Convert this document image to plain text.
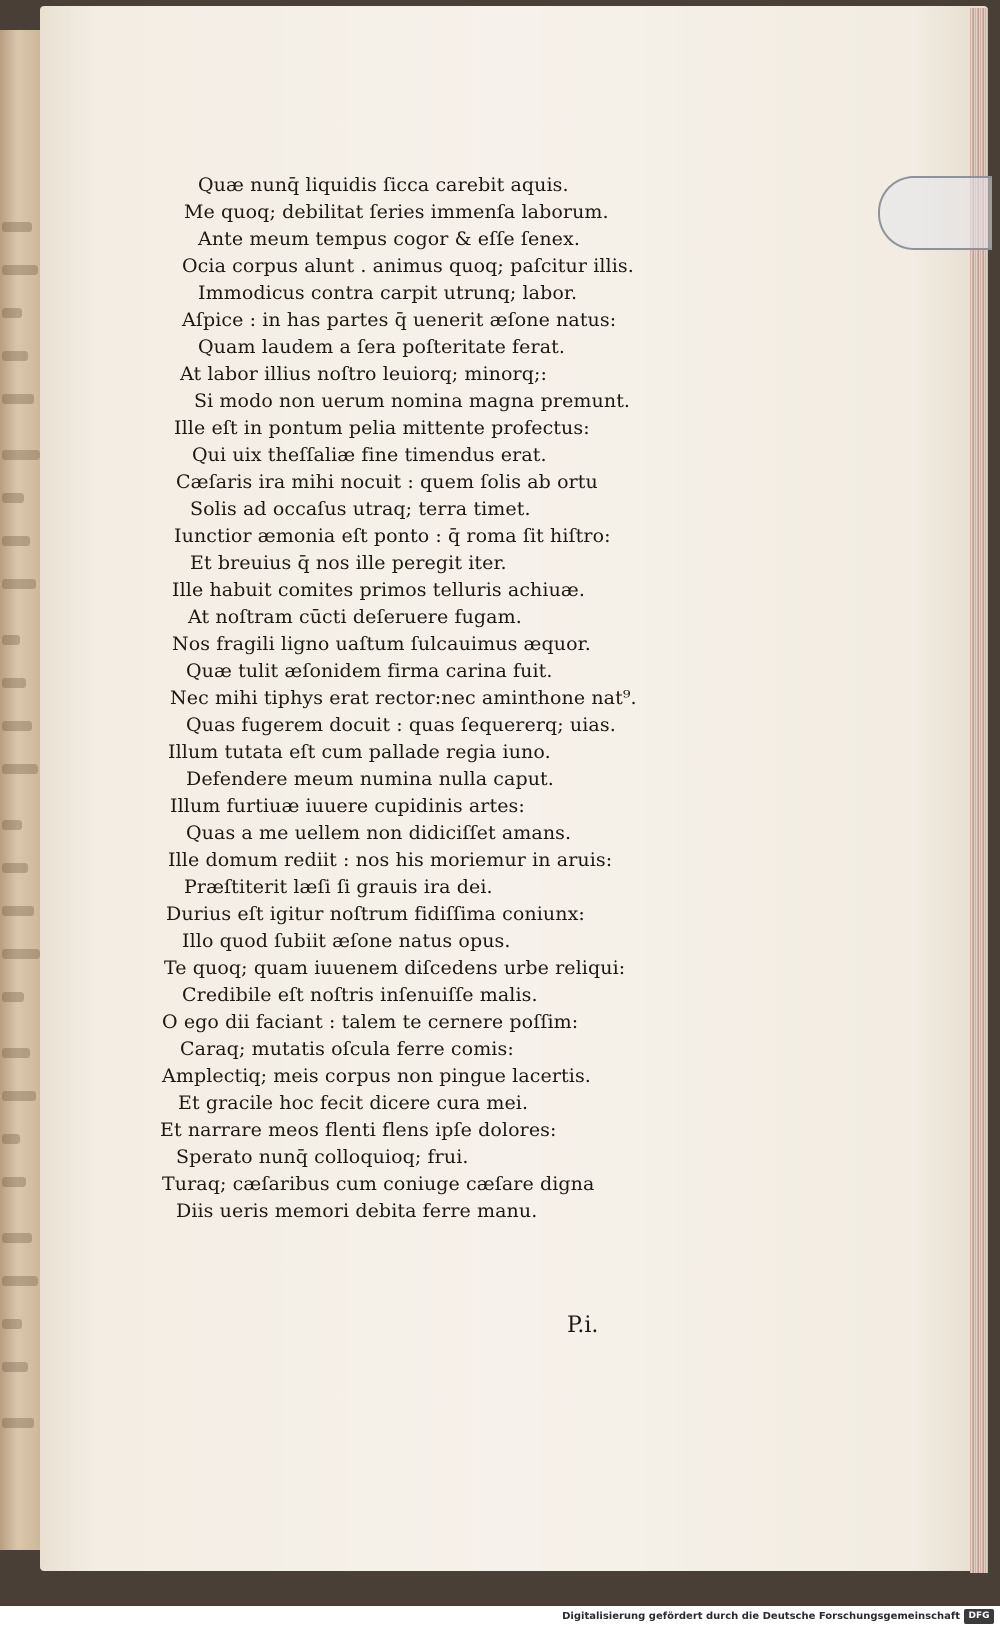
Quæ nunq̄ liquidis ſicca carebit aquis.
Me quoq; debilitat ſeries immenſa laborum.
Ante meum tempus cogor & eſſe ſenex.
Ocia corpus alunt . animus quoq; paſcitur illis.
Immodicus contra carpit utrunq; labor.
Aſpice : in has partes q̄ uenerit æſone natus:
Quam laudem a ſera poſteritate ferat.
At labor illius noſtro leuiorq; minorq;:
Si modo non uerum nomina magna premunt.
Ille eſt in pontum pelia mittente profectus:
Qui uix theſſaliæ fine timendus erat.
Cæſaris ira mihi nocuit : quem ſolis ab ortu
Solis ad occaſus utraq; terra timet.
Iunctior æmonia eſt ponto : q̄ roma ſit hiſtro:
Et breuius q̄ nos ille peregit iter.
Ille habuit comites primos telluris achiuæ.
At noſtram cūcti deſeruere fugam.
Nos fragili ligno uaſtum ſulcauimus æquor.
Quæ tulit æſonidem firma carina fuit.
Nec mihi tiphys erat rector:nec aminthone nat⁹.
Quas fugerem docuit : quas ſequererq; uias.
Illum tutata eſt cum pallade regia iuno.
Defendere meum numina nulla caput.
Illum furtiuæ iuuere cupidinis artes:
Quas a me uellem non didiciſſet amans.
Ille domum rediit : nos his moriemur in aruis:
Præſtiterit læſi ſi grauis ira dei.
Durius eſt igitur noſtrum fidiſſima coniunx:
Illo quod ſubiit æſone natus opus.
Te quoq; quam iuuenem diſcedens urbe reliqui:
Credibile eſt noſtris inſenuiſſe malis.
O ego dii faciant : talem te cernere poſſim:
Caraq; mutatis oſcula ferre comis:
Amplectiq; meis corpus non pingue lacertis.
Et gracile hoc fecit dicere cura mei.
Et narrare meos flenti flens ipſe dolores:
Sperato nunq̄ colloquioq; frui.
Turaq; cæſaribus cum coniuge cæſare digna
Diis ueris memori debita ferre manu.
P.i.
Digitalisierung gefördert durch die Deutsche Forschungsgemeinschaft DFG
